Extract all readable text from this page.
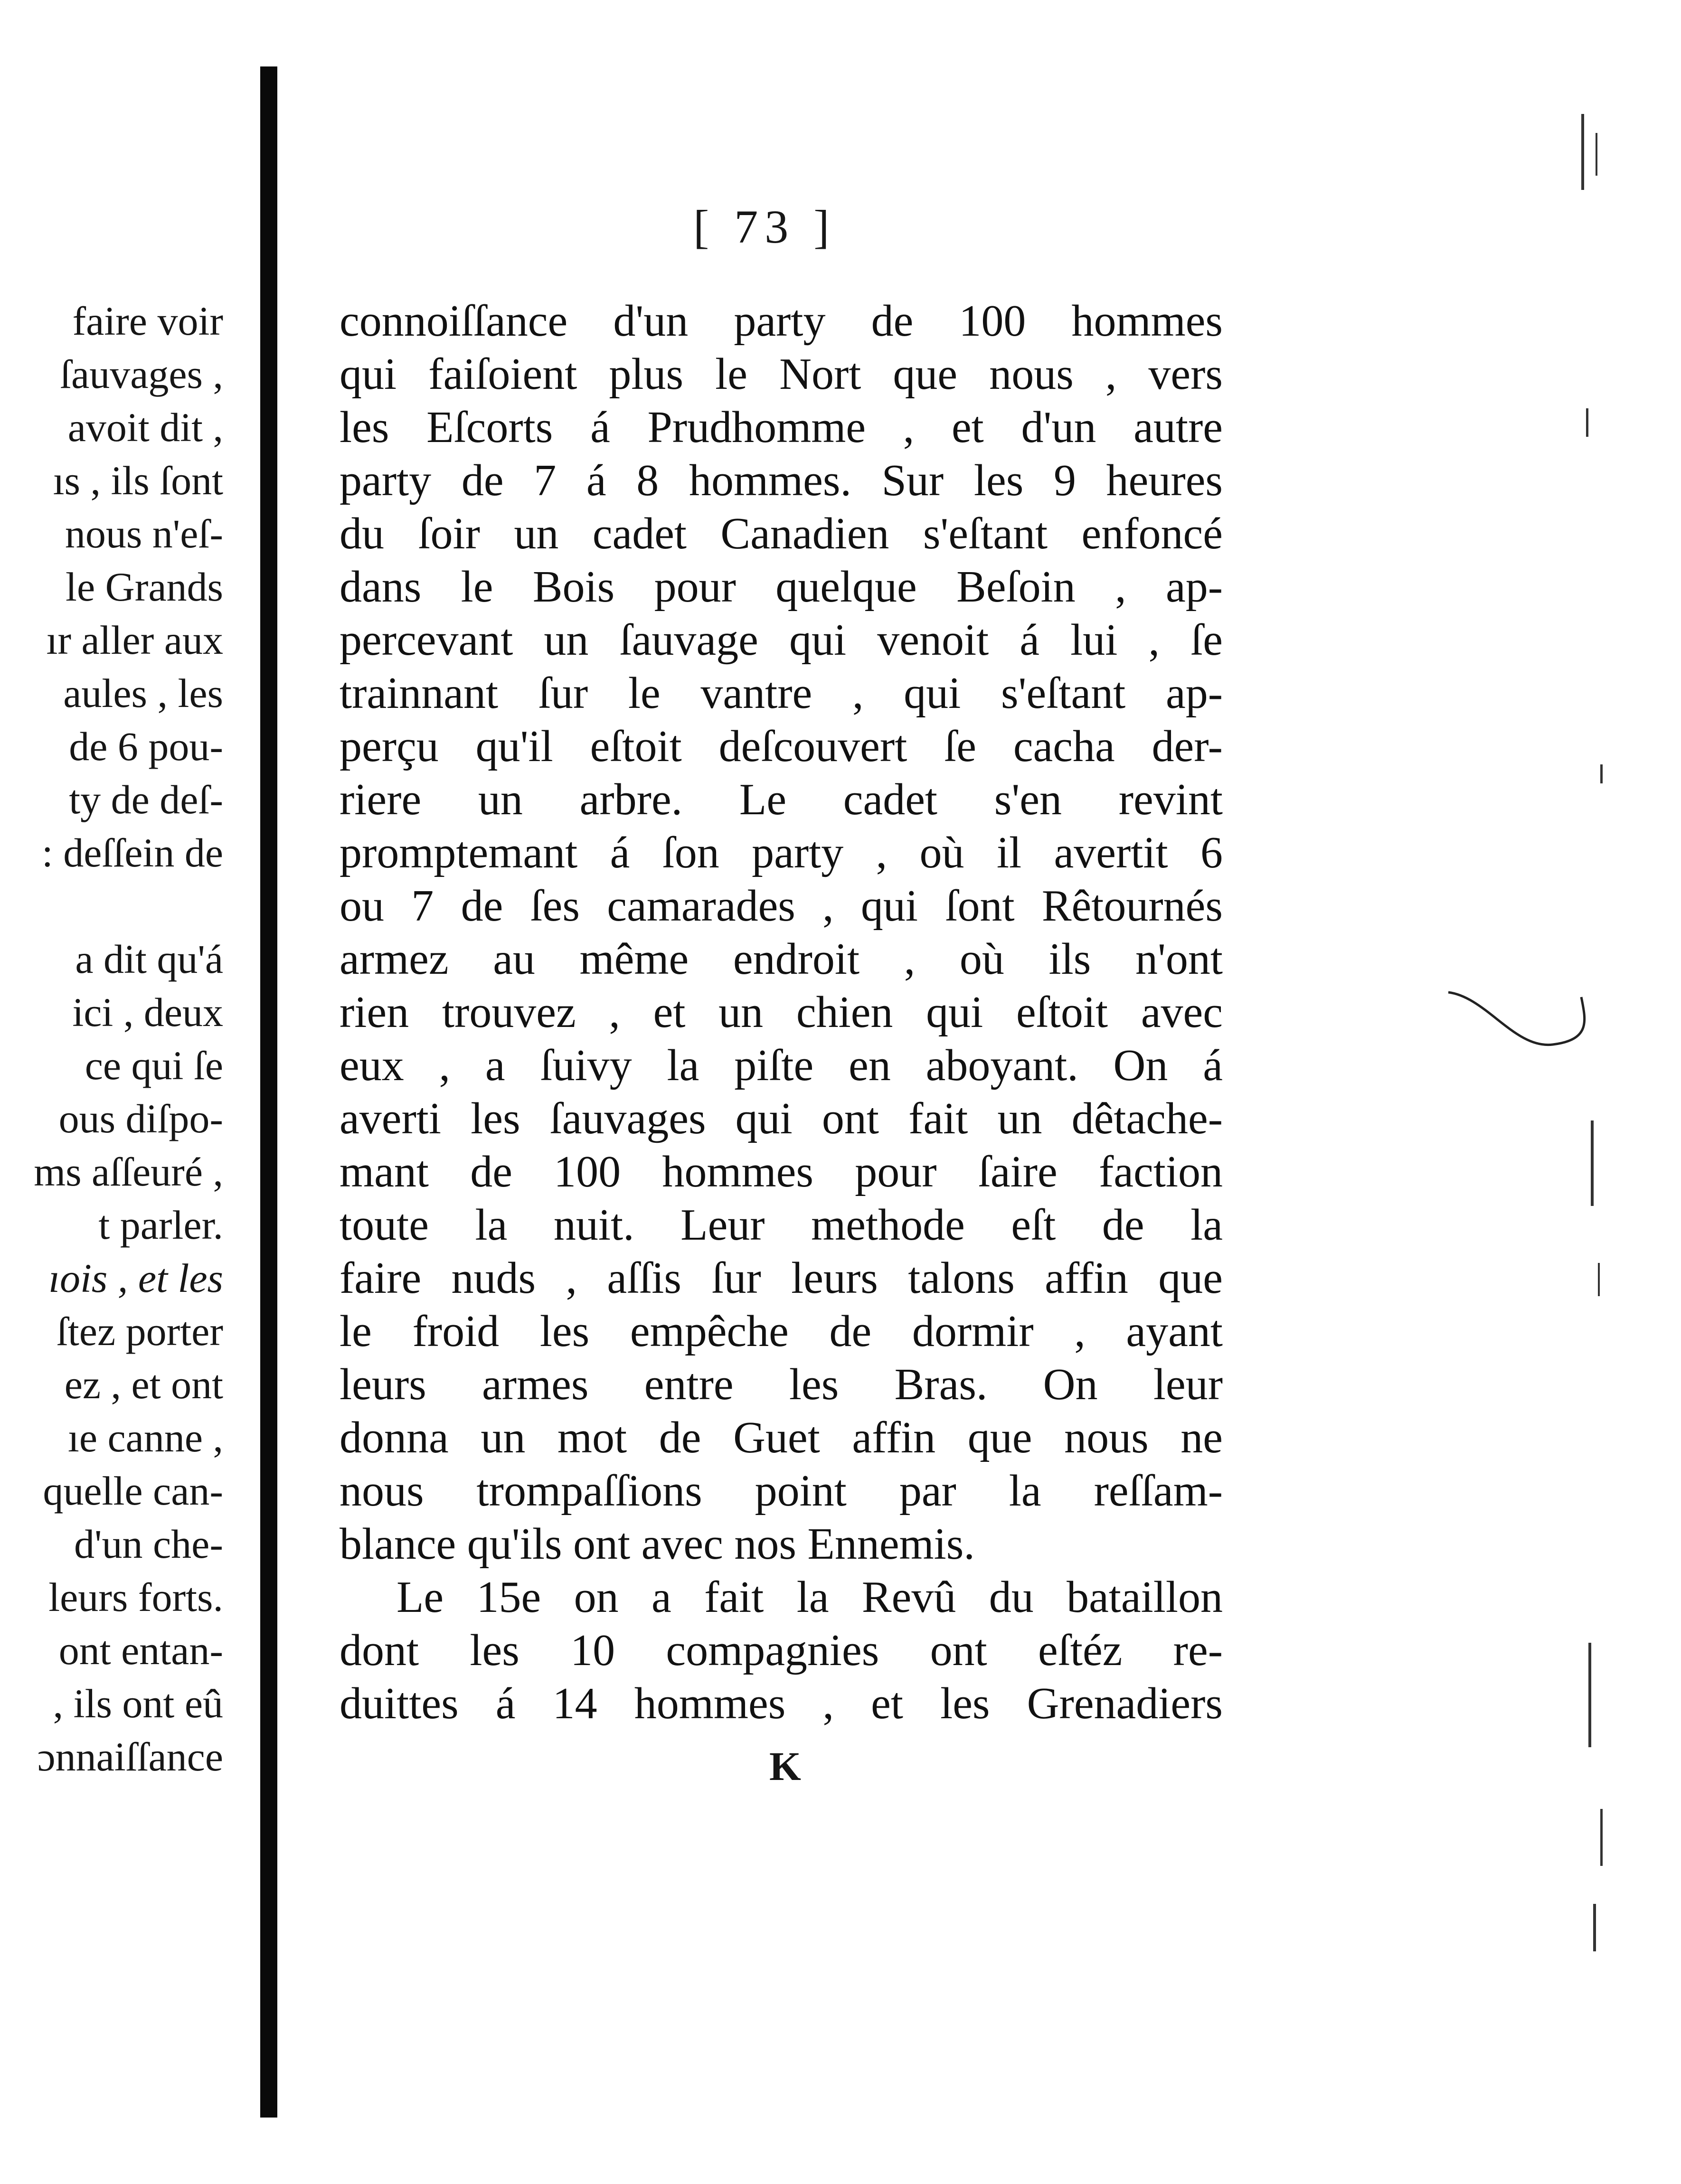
faire voir
ſauvages ,
avoit dit ,
ıs , ils ſont
nous n'eſ-
le Grands
ır aller aux
aules , les
de 6 pou-
ty de deſ-
: deſſein de
a dit qu'á
ici , deux
ce qui ſe
ous diſpo-
ms aſſeuré ,
t parler.
ıois , et les
ſtez porter
ez , et ont
ıe canne ,
quelle can-
d'un che-
leurs forts.
ont entan-
, ils ont eû
ɔnnaiſſance
[ 73 ]
connoiſſance d'un party de 100 hommes
qui faiſoient plus le Nort que nous , vers
les Eſcorts á Prudhomme , et d'un autre
party de 7 á 8 hommes. Sur les 9 heures
du ſoir un cadet Canadien s'eſtant enfoncé
dans le Bois pour quelque Beſoin , ap-
percevant un ſauvage qui venoit á lui , ſe
trainnant ſur le vantre , qui s'eſtant ap-
perçu qu'il eſtoit deſcouvert ſe cacha der-
riere un arbre. Le cadet s'en revint
promptemant á ſon party , où il avertit 6
ou 7 de ſes camarades , qui ſont Rêtournés
armez au même endroit , où ils n'ont
rien trouvez , et un chien qui eſtoit avec
eux , a ſuivy la piſte en aboyant. On á
averti les ſauvages qui ont fait un dêtache-
mant de 100 hommes pour ſaire faction
toute la nuit. Leur methode eſt de la
faire nuds , aſſis ſur leurs talons affin que
le froid les empêche de dormir , ayant
leurs armes entre les Bras. On leur
donna un mot de Guet affin que nous ne
nous trompaſſions point par la reſſam-
blance qu'ils ont avec nos Ennemis.
Le 15e on a fait la Revû du bataillon
dont les 10 compagnies ont eſtéz re-
duittes á 14 hommes , et les Grenadiers
K
